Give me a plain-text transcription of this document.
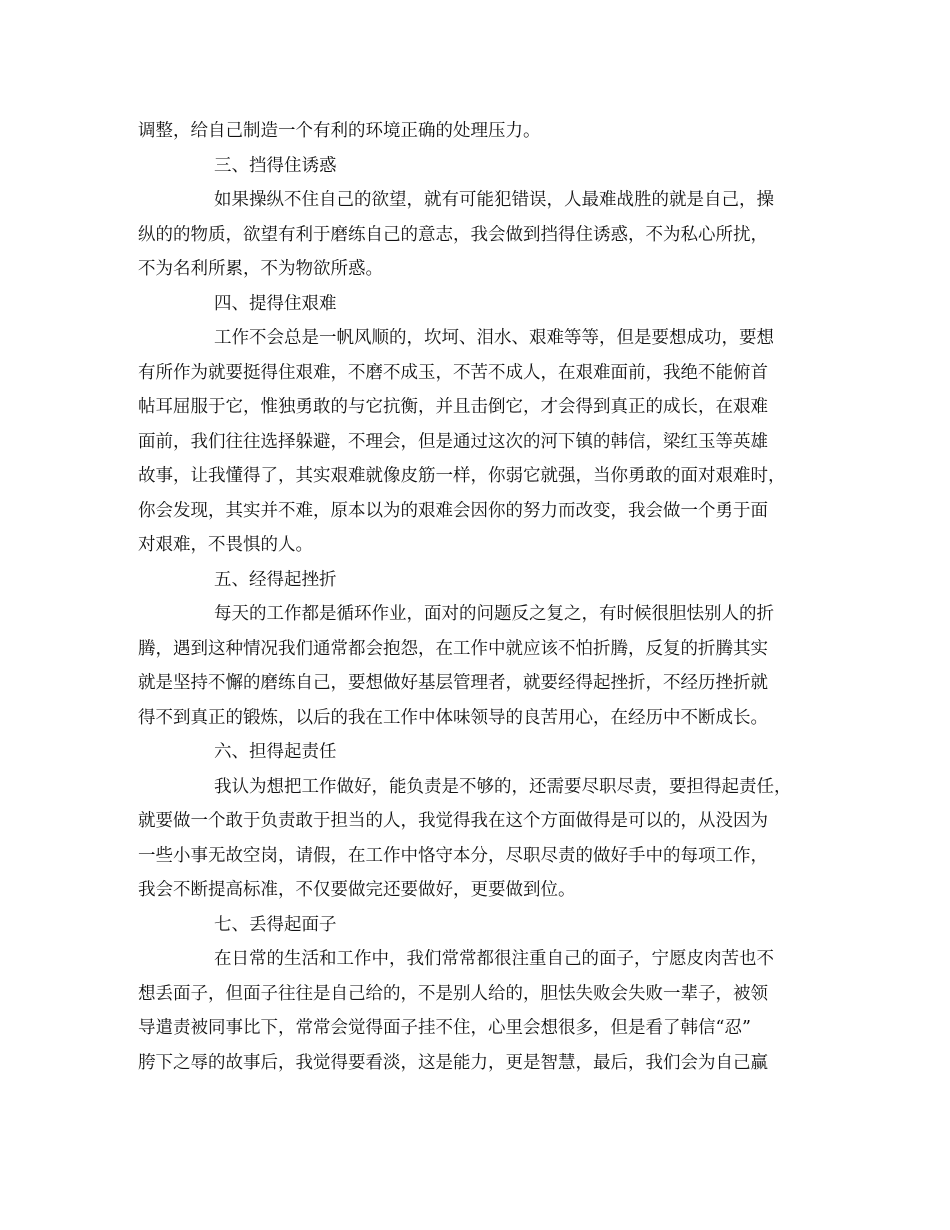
调整，给自己制造一个有利的环境正确的处理压力。
三、挡得住诱惑
如果操纵不住自己的欲望，就有可能犯错误，人最难战胜的就是自己，操
纵的的物质，欲望有利于磨练自己的意志，我会做到挡得住诱惑，不为私心所扰，
不为名利所累，不为物欲所惑。
四、提得住艰难
工作不会总是一帆风顺的，坎坷、泪水、艰难等等，但是要想成功，要想
有所作为就要挺得住艰难，不磨不成玉，不苦不成人，在艰难面前，我绝不能俯首
帖耳屈服于它，惟独勇敢的与它抗衡，并且击倒它，才会得到真正的成长，在艰难
面前，我们往往选择躲避，不理会，但是通过这次的河下镇的韩信，梁红玉等英雄
故事，让我懂得了，其实艰难就像皮筋一样，你弱它就强，当你勇敢的面对艰难时，
你会发现，其实并不难，原本以为的艰难会因你的努力而改变，我会做一个勇于面
对艰难，不畏惧的人。
五、经得起挫折
每天的工作都是循环作业，面对的问题反之复之，有时候很胆怯别人的折
腾，遇到这种情况我们通常都会抱怨，在工作中就应该不怕折腾，反复的折腾其实
就是坚持不懈的磨练自己，要想做好基层管理者，就要经得起挫折，不经历挫折就
得不到真正的锻炼，以后的我在工作中体味领导的良苦用心，在经历中不断成长。
六、担得起责任
我认为想把工作做好，能负责是不够的，还需要尽职尽责，要担得起责任，
就要做一个敢于负责敢于担当的人，我觉得我在这个方面做得是可以的，从没因为
一些小事无故空岗，请假，在工作中恪守本分，尽职尽责的做好手中的每项工作，
我会不断提高标准，不仅要做完还要做好，更要做到位。
七、丢得起面子
在日常的生活和工作中，我们常常都很注重自己的面子，宁愿皮肉苦也不
想丢面子，但面子往往是自己给的，不是别人给的，胆怯失败会失败一辈子，被领
导遣责被同事比下，常常会觉得面子挂不住，心里会想很多，但是看了韩信“忍”
胯下之辱的故事后，我觉得要看淡，这是能力，更是智慧，最后，我们会为自己赢
